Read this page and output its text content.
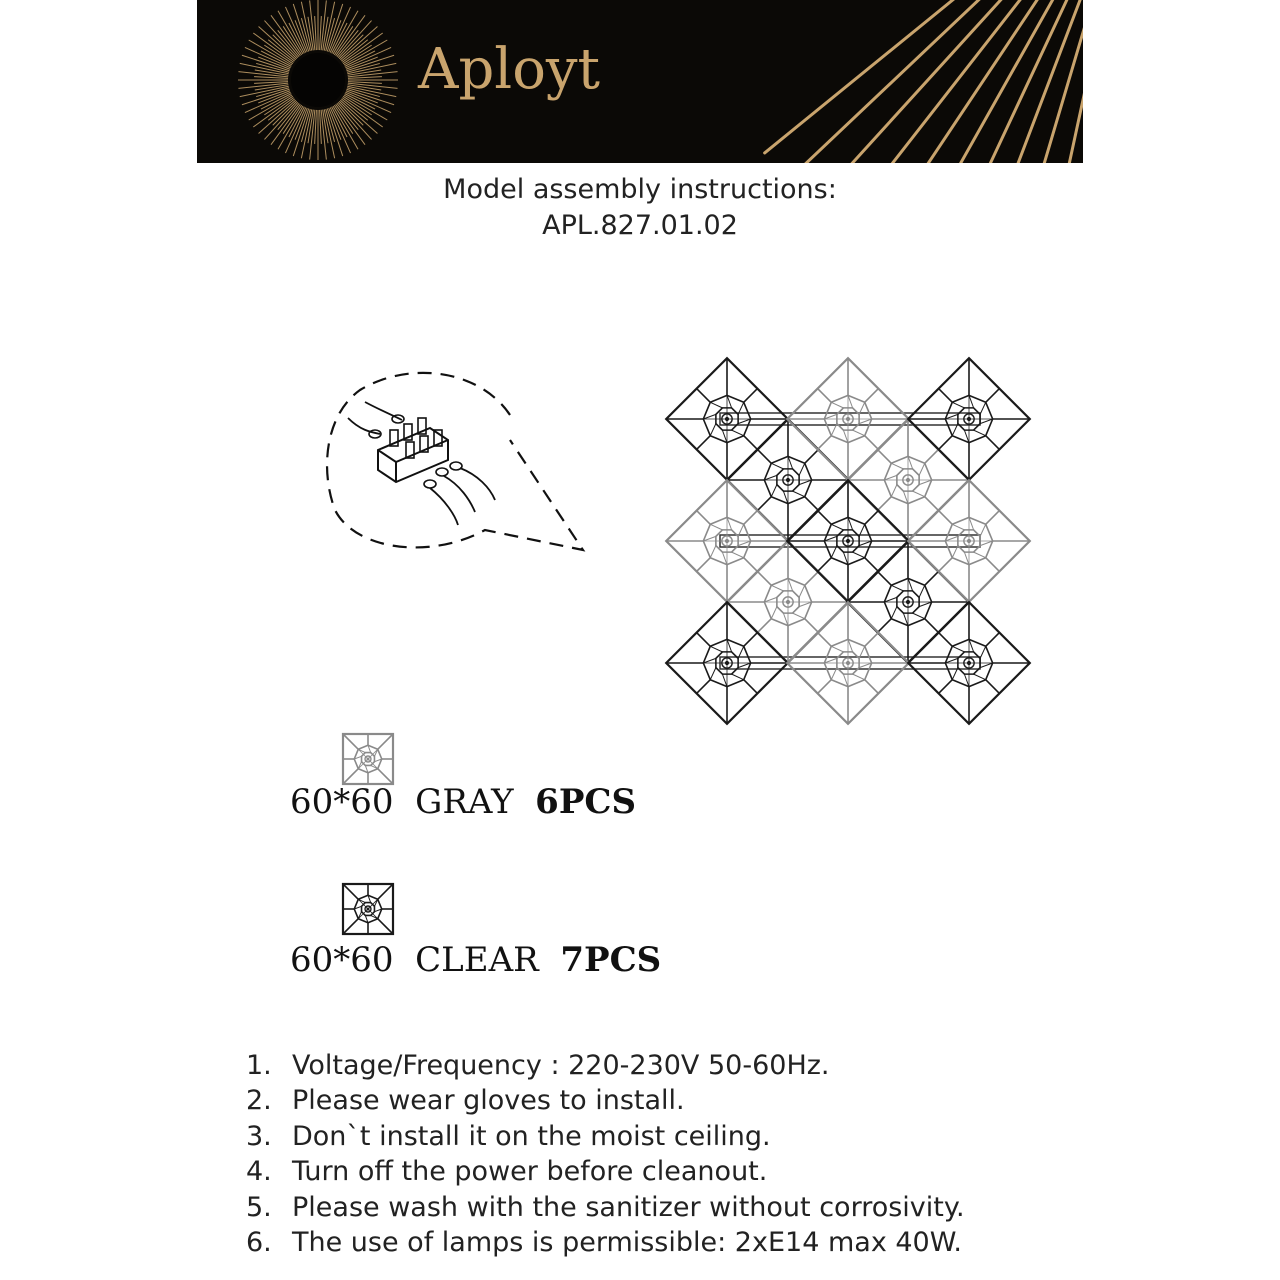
Aployt
Model assembly instructions:
APL.827.01.02
60*60 GRAY 6PCS
60*60 CLEAR 7PCS
1. Voltage/Frequency : 220-230V 50-60Hz.
2. Please wear gloves to install.
3. Don`t install it on the moist ceiling.
4. Turn off the power before cleanout.
5. Please wash with the sanitizer without corrosivity.
6. The use of lamps is permissible: 2xE14 max 40W.
